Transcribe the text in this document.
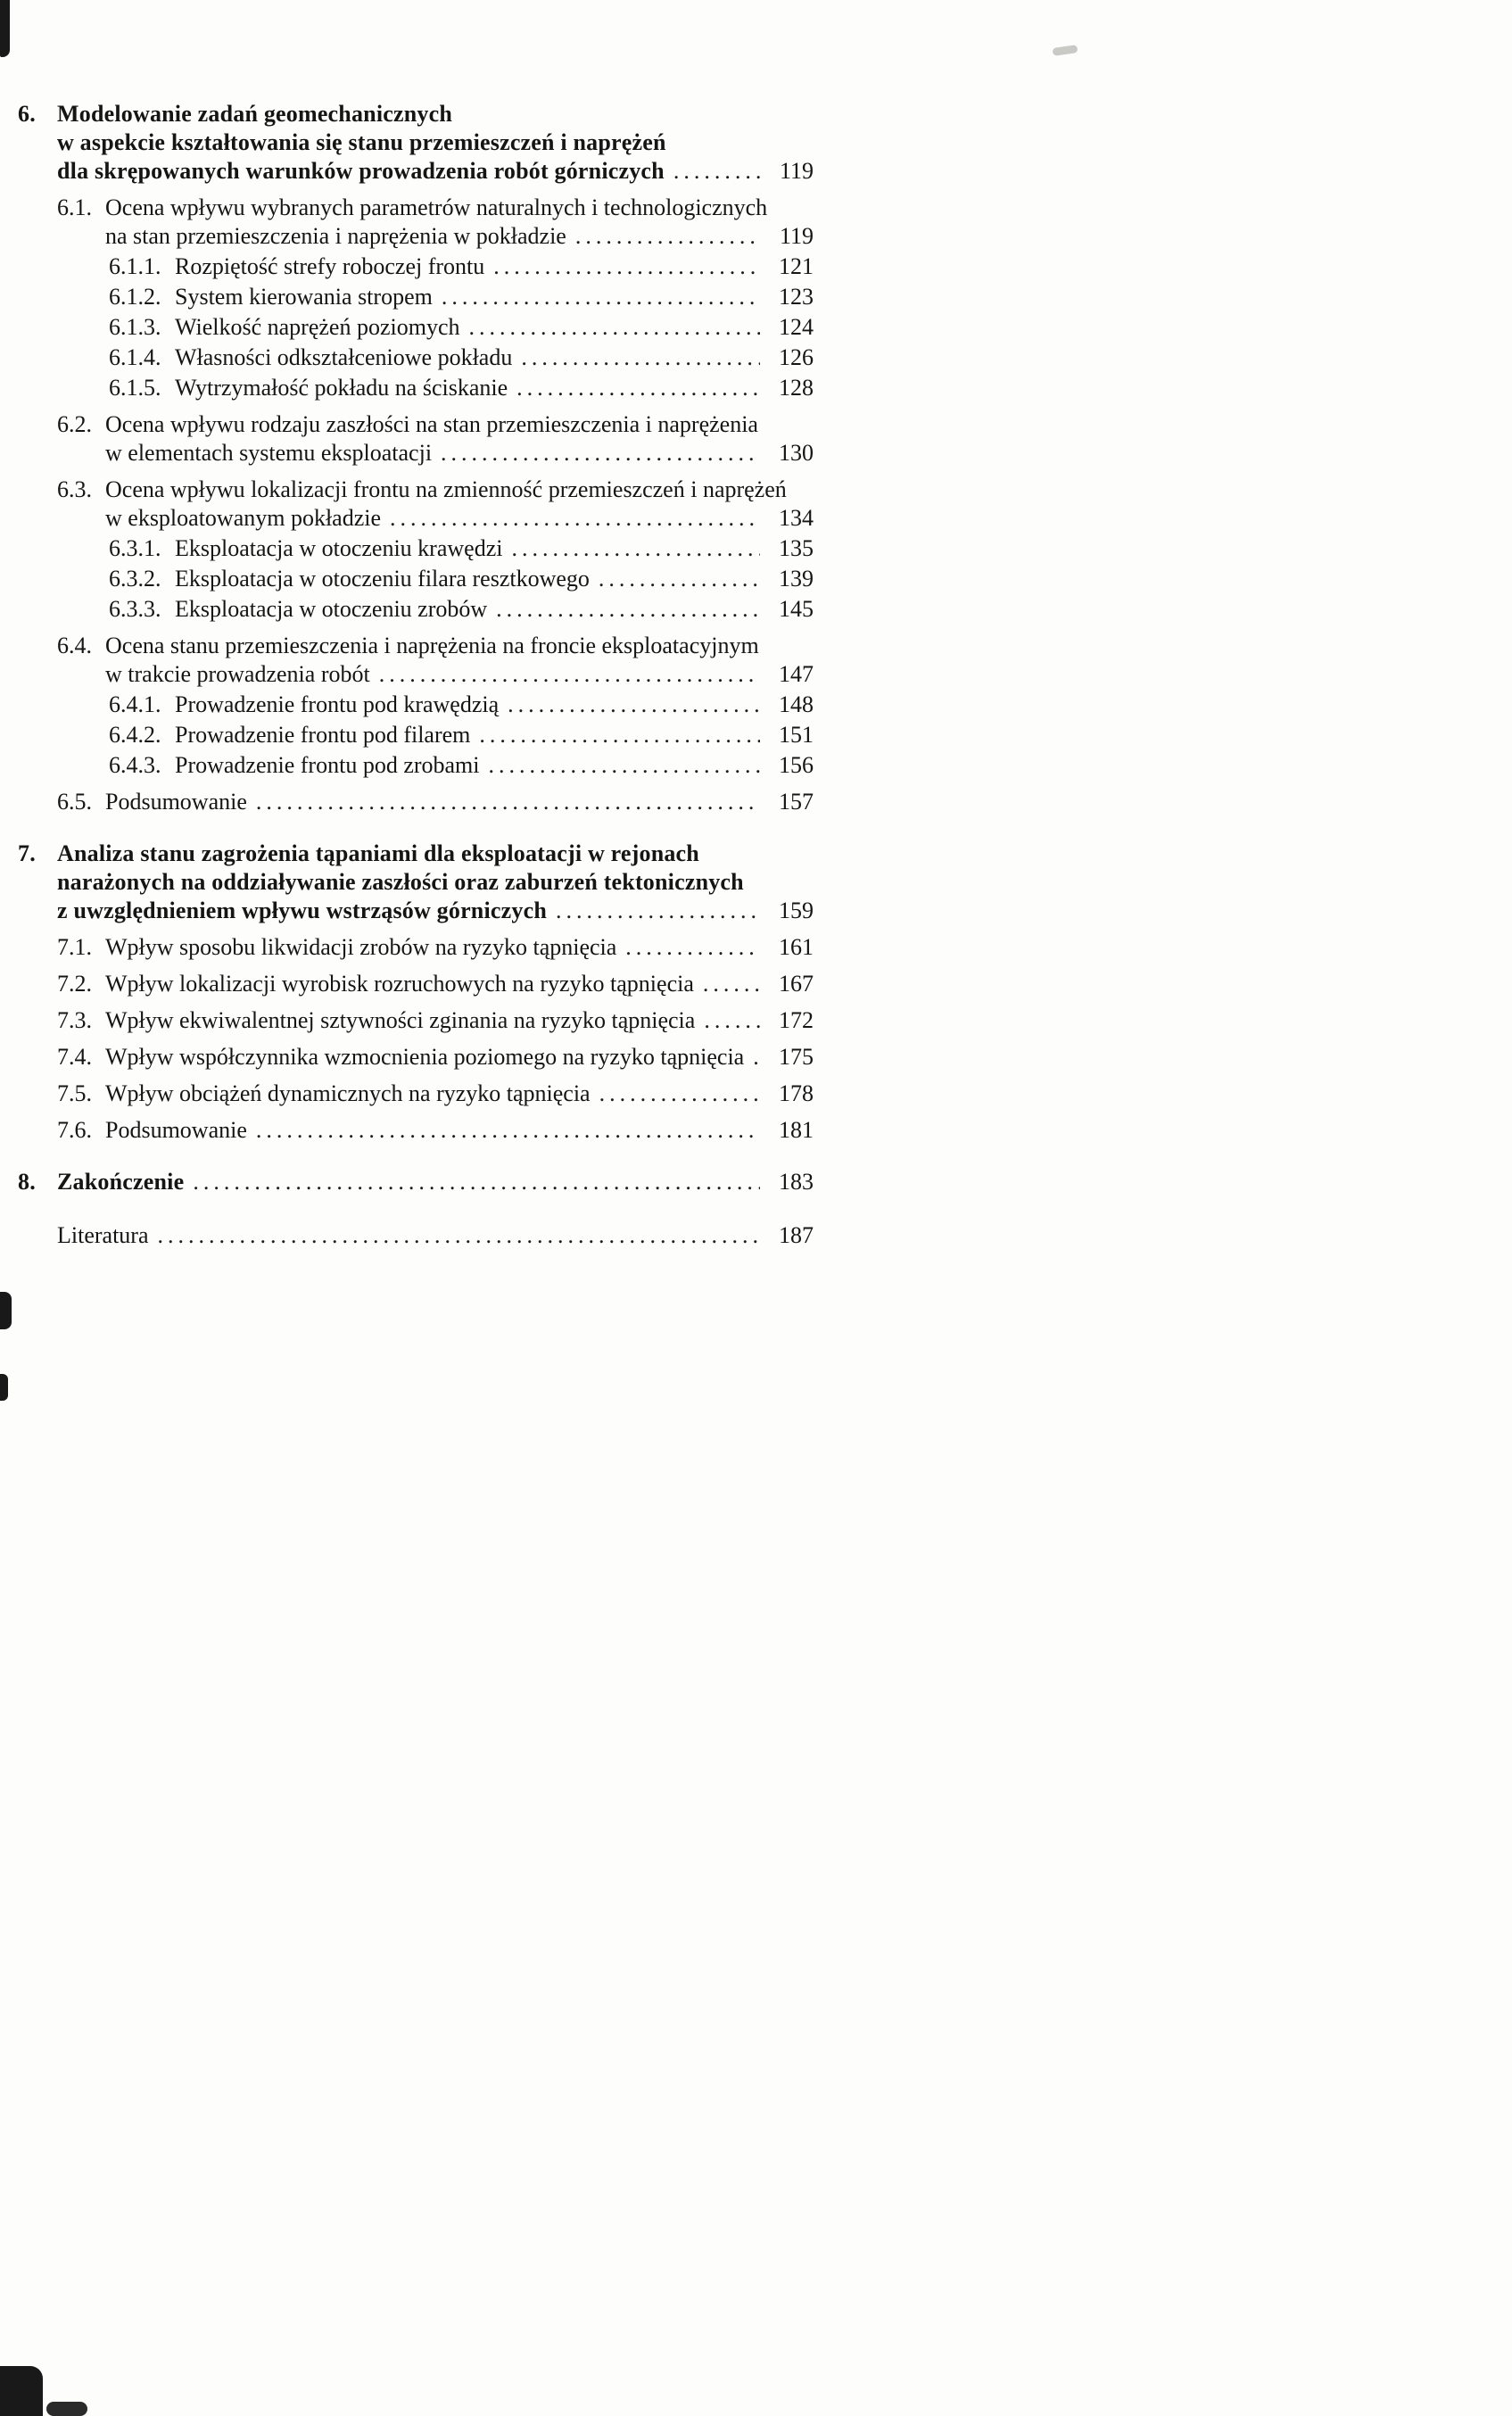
6. Modelowanie zadań geomechanicznych
w aspekcie kształtowania się stanu przemieszczeń i naprężeń
dla skrępowanych warunków prowadzenia robót górniczych .....	119
6.1. Ocena wpływu wybranych parametrów naturalnych i technologicznych
na stan przemieszczenia i naprężenia w pokładzie .....	119
6.1.1. Rozpiętość strefy roboczej frontu .....	121
6.1.2. System kierowania stropem .....	123
6.1.3. Wielkość naprężeń poziomych .....	124
6.1.4. Własności odkształceniowe pokładu .....	126
6.1.5. Wytrzymałość pokładu na ściskanie .....	128
6.2. Ocena wpływu rodzaju zaszłości na stan przemieszczenia i naprężenia
w elementach systemu eksploatacji .....	130
6.3. Ocena wpływu lokalizacji frontu na zmienność przemieszczeń i naprężeń
w eksploatowanym pokładzie .....	134
6.3.1. Eksploatacja w otoczeniu krawędzi .....	135
6.3.2. Eksploatacja w otoczeniu filara resztkowego .....	139
6.3.3. Eksploatacja w otoczeniu zrobów .....	145
6.4. Ocena stanu przemieszczenia i naprężenia na froncie eksploatacyjnym
w trakcie prowadzenia robót .....	147
6.4.1. Prowadzenie frontu pod krawędzią .....	148
6.4.2. Prowadzenie frontu pod filarem .....	151
6.4.3. Prowadzenie frontu pod zrobami .....	156
6.5. Podsumowanie .....	157
7. Analiza stanu zagrożenia tąpaniami dla eksploatacji w rejonach
narażonych na oddziaływanie zaszłości oraz zaburzeń tektonicznych
z uwzględnieniem wpływu wstrząsów górniczych .....	159
7.1. Wpływ sposobu likwidacji zrobów na ryzyko tąpnięcia .....	161
7.2. Wpływ lokalizacji wyrobisk rozruchowych na ryzyko tąpnięcia .....	167
7.3. Wpływ ekwiwalentnej sztywności zginania na ryzyko tąpnięcia .....	172
7.4. Wpływ współczynnika wzmocnienia poziomego na ryzyko tąpnięcia .....	175
7.5. Wpływ obciążeń dynamicznych na ryzyko tąpnięcia .....	178
7.6. Podsumowanie .....	181
8. Zakończenie .....	183
Literatura .....	187
